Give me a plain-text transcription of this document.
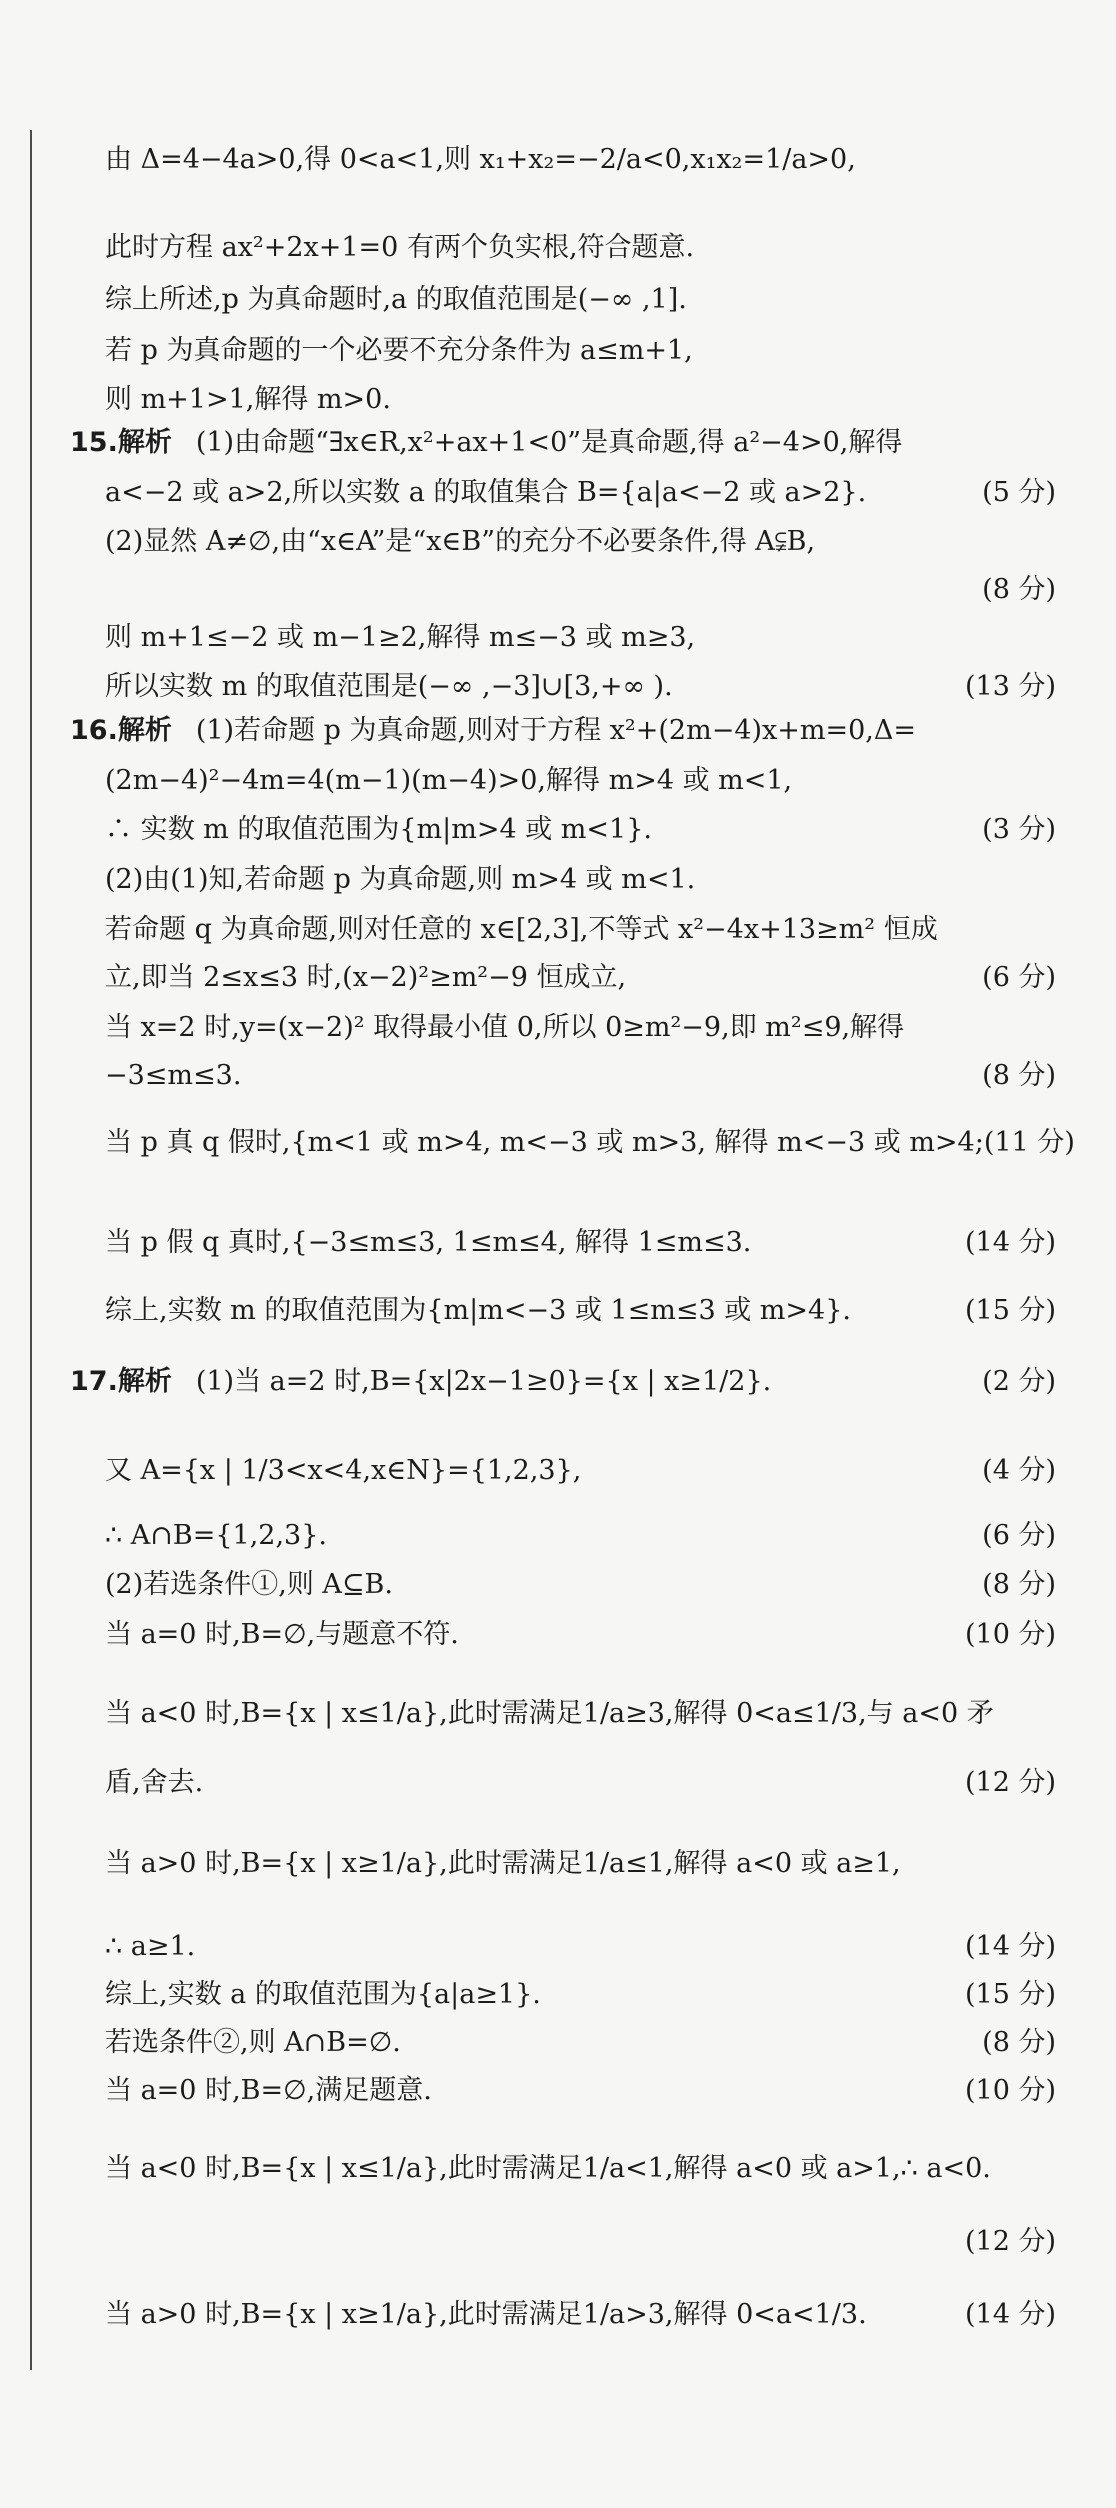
由 Δ=4−4a>0,得 0<a<1,则 x₁+x₂=−2/a<0,x₁x₂=1/a>0,
此时方程 ax²+2x+1=0 有两个负实根,符合题意.
综上所述,p 为真命题时,a 的取值范围是(−∞ ,1].
若 p 为真命题的一个必要不充分条件为 a≤m+1,
则 m+1>1,解得 m>0.
15.解析 (1)由命题“∃x∈R,x²+ax+1<0”是真命题,得 a²−4>0,解得
a<−2 或 a>2,所以实数 a 的取值集合 B={a|a<−2 或 a>2}.	(5 分)
(2)显然 A≠∅,由“x∈A”是“x∈B”的充分不必要条件,得 A⫋B,
(8 分)
则 m+1≤−2 或 m−1≥2,解得 m≤−3 或 m≥3,
所以实数 m 的取值范围是(−∞ ,−3]∪[3,+∞ ).	(13 分)
16.解析 (1)若命题 p 为真命题,则对于方程 x²+(2m−4)x+m=0,Δ=
(2m−4)²−4m=4(m−1)(m−4)>0,解得 m>4 或 m<1,
∴ 实数 m 的取值范围为{m|m>4 或 m<1}.	(3 分)
(2)由(1)知,若命题 p 为真命题,则 m>4 或 m<1.
若命题 q 为真命题,则对任意的 x∈[2,3],不等式 x²−4x+13≥m² 恒成
立,即当 2≤x≤3 时,(x−2)²≥m²−9 恒成立,	(6 分)
当 x=2 时,y=(x−2)² 取得最小值 0,所以 0≥m²−9,即 m²≤9,解得
−3≤m≤3.	(8 分)
当 p 真 q 假时,{m<1 或 m>4, m<−3 或 m>3, 解得 m<−3 或 m>4; (11 分)
当 p 假 q 真时,{−3≤m≤3, 1≤m≤4, 解得 1≤m≤3.	(14 分)
综上,实数 m 的取值范围为{m|m<−3 或 1≤m≤3 或 m>4}.	(15 分)
17.解析 (1)当 a=2 时,B={x|2x−1≥0}={x | x≥1/2}.	(2 分)
又 A={x | 1/3<x<4,x∈N}={1,2,3},	(4 分)
∴ A∩B={1,2,3}.	(6 分)
(2)若选条件①,则 A⊆B.	(8 分)
当 a=0 时,B=∅,与题意不符.	(10 分)
当 a<0 时,B={x | x≤1/a},此时需满足1/a≥3,解得 0<a≤1/3,与 a<0 矛
盾,舍去.	(12 分)
当 a>0 时,B={x | x≥1/a},此时需满足1/a≤1,解得 a<0 或 a≥1,
∴ a≥1.	(14 分)
综上,实数 a 的取值范围为{a|a≥1}.	(15 分)
若选条件②,则 A∩B=∅.	(8 分)
当 a=0 时,B=∅,满足题意.	(10 分)
当 a<0 时,B={x | x≤1/a},此时需满足1/a<1,解得 a<0 或 a>1,∴ a<0.
(12 分)
当 a>0 时,B={x | x≥1/a},此时需满足1/a>3,解得 0<a<1/3.	(14 分)
